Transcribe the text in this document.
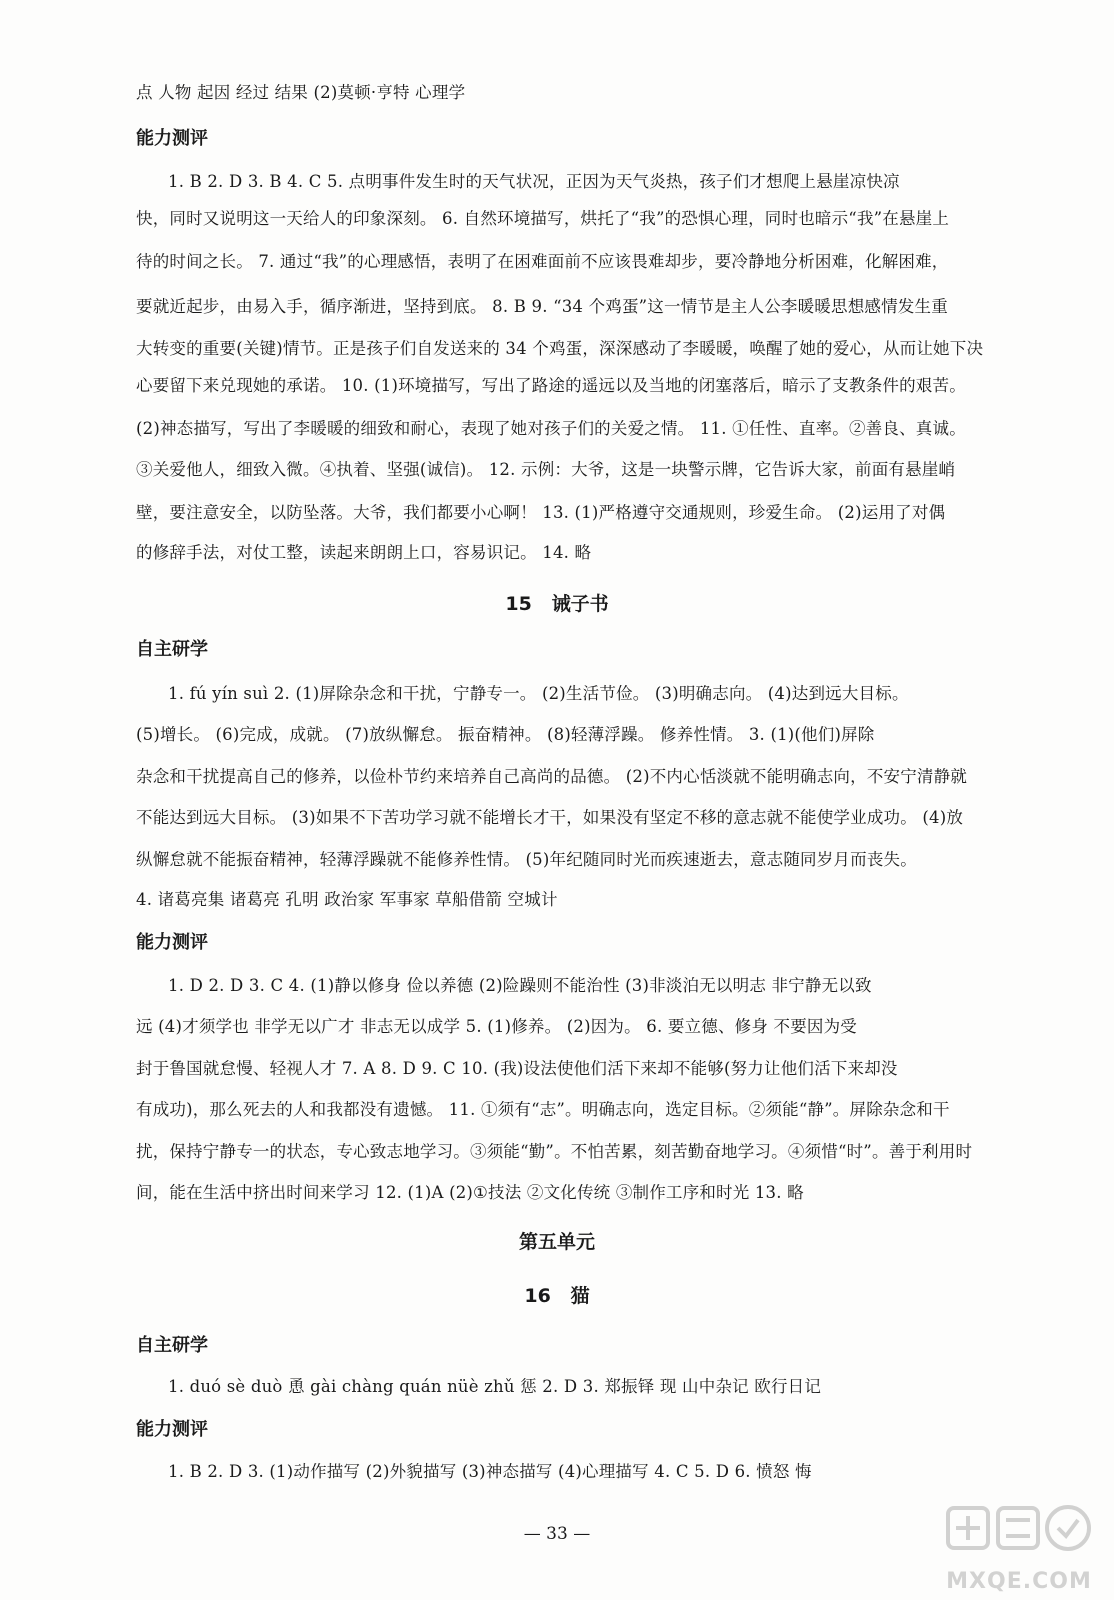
点 人物 起因 经过 结果 (2)莫顿·亨特 心理学
能力测评
1. B 2. D 3. B 4. C 5. 点明事件发生时的天气状况，正因为天气炎热，孩子们才想爬上悬崖凉快凉
快，同时又说明这一天给人的印象深刻。 6. 自然环境描写，烘托了“我”的恐惧心理，同时也暗示“我”在悬崖上
待的时间之长。 7. 通过“我”的心理感悟，表明了在困难面前不应该畏难却步，要冷静地分析困难，化解困难，
要就近起步，由易入手，循序渐进，坚持到底。 8. B 9. “34 个鸡蛋”这一情节是主人公李暖暖思想感情发生重
大转变的重要(关键)情节。正是孩子们自发送来的 34 个鸡蛋，深深感动了李暖暖，唤醒了她的爱心，从而让她下决
心要留下来兑现她的承诺。 10. (1)环境描写，写出了路途的遥远以及当地的闭塞落后，暗示了支教条件的艰苦。
(2)神态描写，写出了李暖暖的细致和耐心，表现了她对孩子们的关爱之情。 11. ①任性、直率。②善良、真诚。
③关爱他人，细致入微。④执着、坚强(诚信)。 12. 示例：大爷，这是一块警示牌，它告诉大家，前面有悬崖峭
壁，要注意安全，以防坠落。大爷，我们都要小心啊！ 13. (1)严格遵守交通规则，珍爱生命。 (2)运用了对偶
的修辞手法，对仗工整，读起来朗朗上口，容易识记。 14. 略
15   诫子书
自主研学
1. fú yín suì 2. (1)屏除杂念和干扰，宁静专一。 (2)生活节俭。 (3)明确志向。 (4)达到远大目标。
(5)增长。 (6)完成，成就。 (7)放纵懈怠。 振奋精神。 (8)轻薄浮躁。 修养性情。 3. (1)(他们)屏除
杂念和干扰提高自己的修养，以俭朴节约来培养自己高尚的品德。 (2)不内心恬淡就不能明确志向，不安宁清静就
不能达到远大目标。 (3)如果不下苦功学习就不能增长才干，如果没有坚定不移的意志就不能使学业成功。 (4)放
纵懈怠就不能振奋精神，轻薄浮躁就不能修养性情。 (5)年纪随同时光而疾速逝去，意志随同岁月而丧失。
4. 诸葛亮集 诸葛亮 孔明 政治家 军事家 草船借箭 空城计
能力测评
1. D 2. D 3. C 4. (1)静以修身 俭以养德 (2)险躁则不能治性 (3)非淡泊无以明志 非宁静无以致
远 (4)才须学也 非学无以广才 非志无以成学 5. (1)修养。 (2)因为。 6. 要立德、修身 不要因为受
封于鲁国就怠慢、轻视人才 7. A 8. D 9. C 10. (我)设法使他们活下来却不能够(努力让他们活下来却没
有成功)，那么死去的人和我都没有遗憾。 11. ①须有“志”。明确志向，选定目标。②须能“静”。屏除杂念和干
扰，保持宁静专一的状态，专心致志地学习。③须能“勤”。不怕苦累，刻苦勤奋地学习。④须惜“时”。善于利用时
间，能在生活中挤出时间来学习 12. (1)A (2)①技法 ②文化传统 ③制作工序和时光 13. 略
第五单元
16   猫
自主研学
1. duó sè duò 恿 gài chàng quán nüè zhǔ 惩 2. D 3. 郑振铎 现 山中杂记 欧行日记
能力测评
1. B 2. D 3. (1)动作描写 (2)外貌描写 (3)神态描写 (4)心理描写 4. C 5. D 6. 愤怒 悔
— 33 —
MXQE.COM
